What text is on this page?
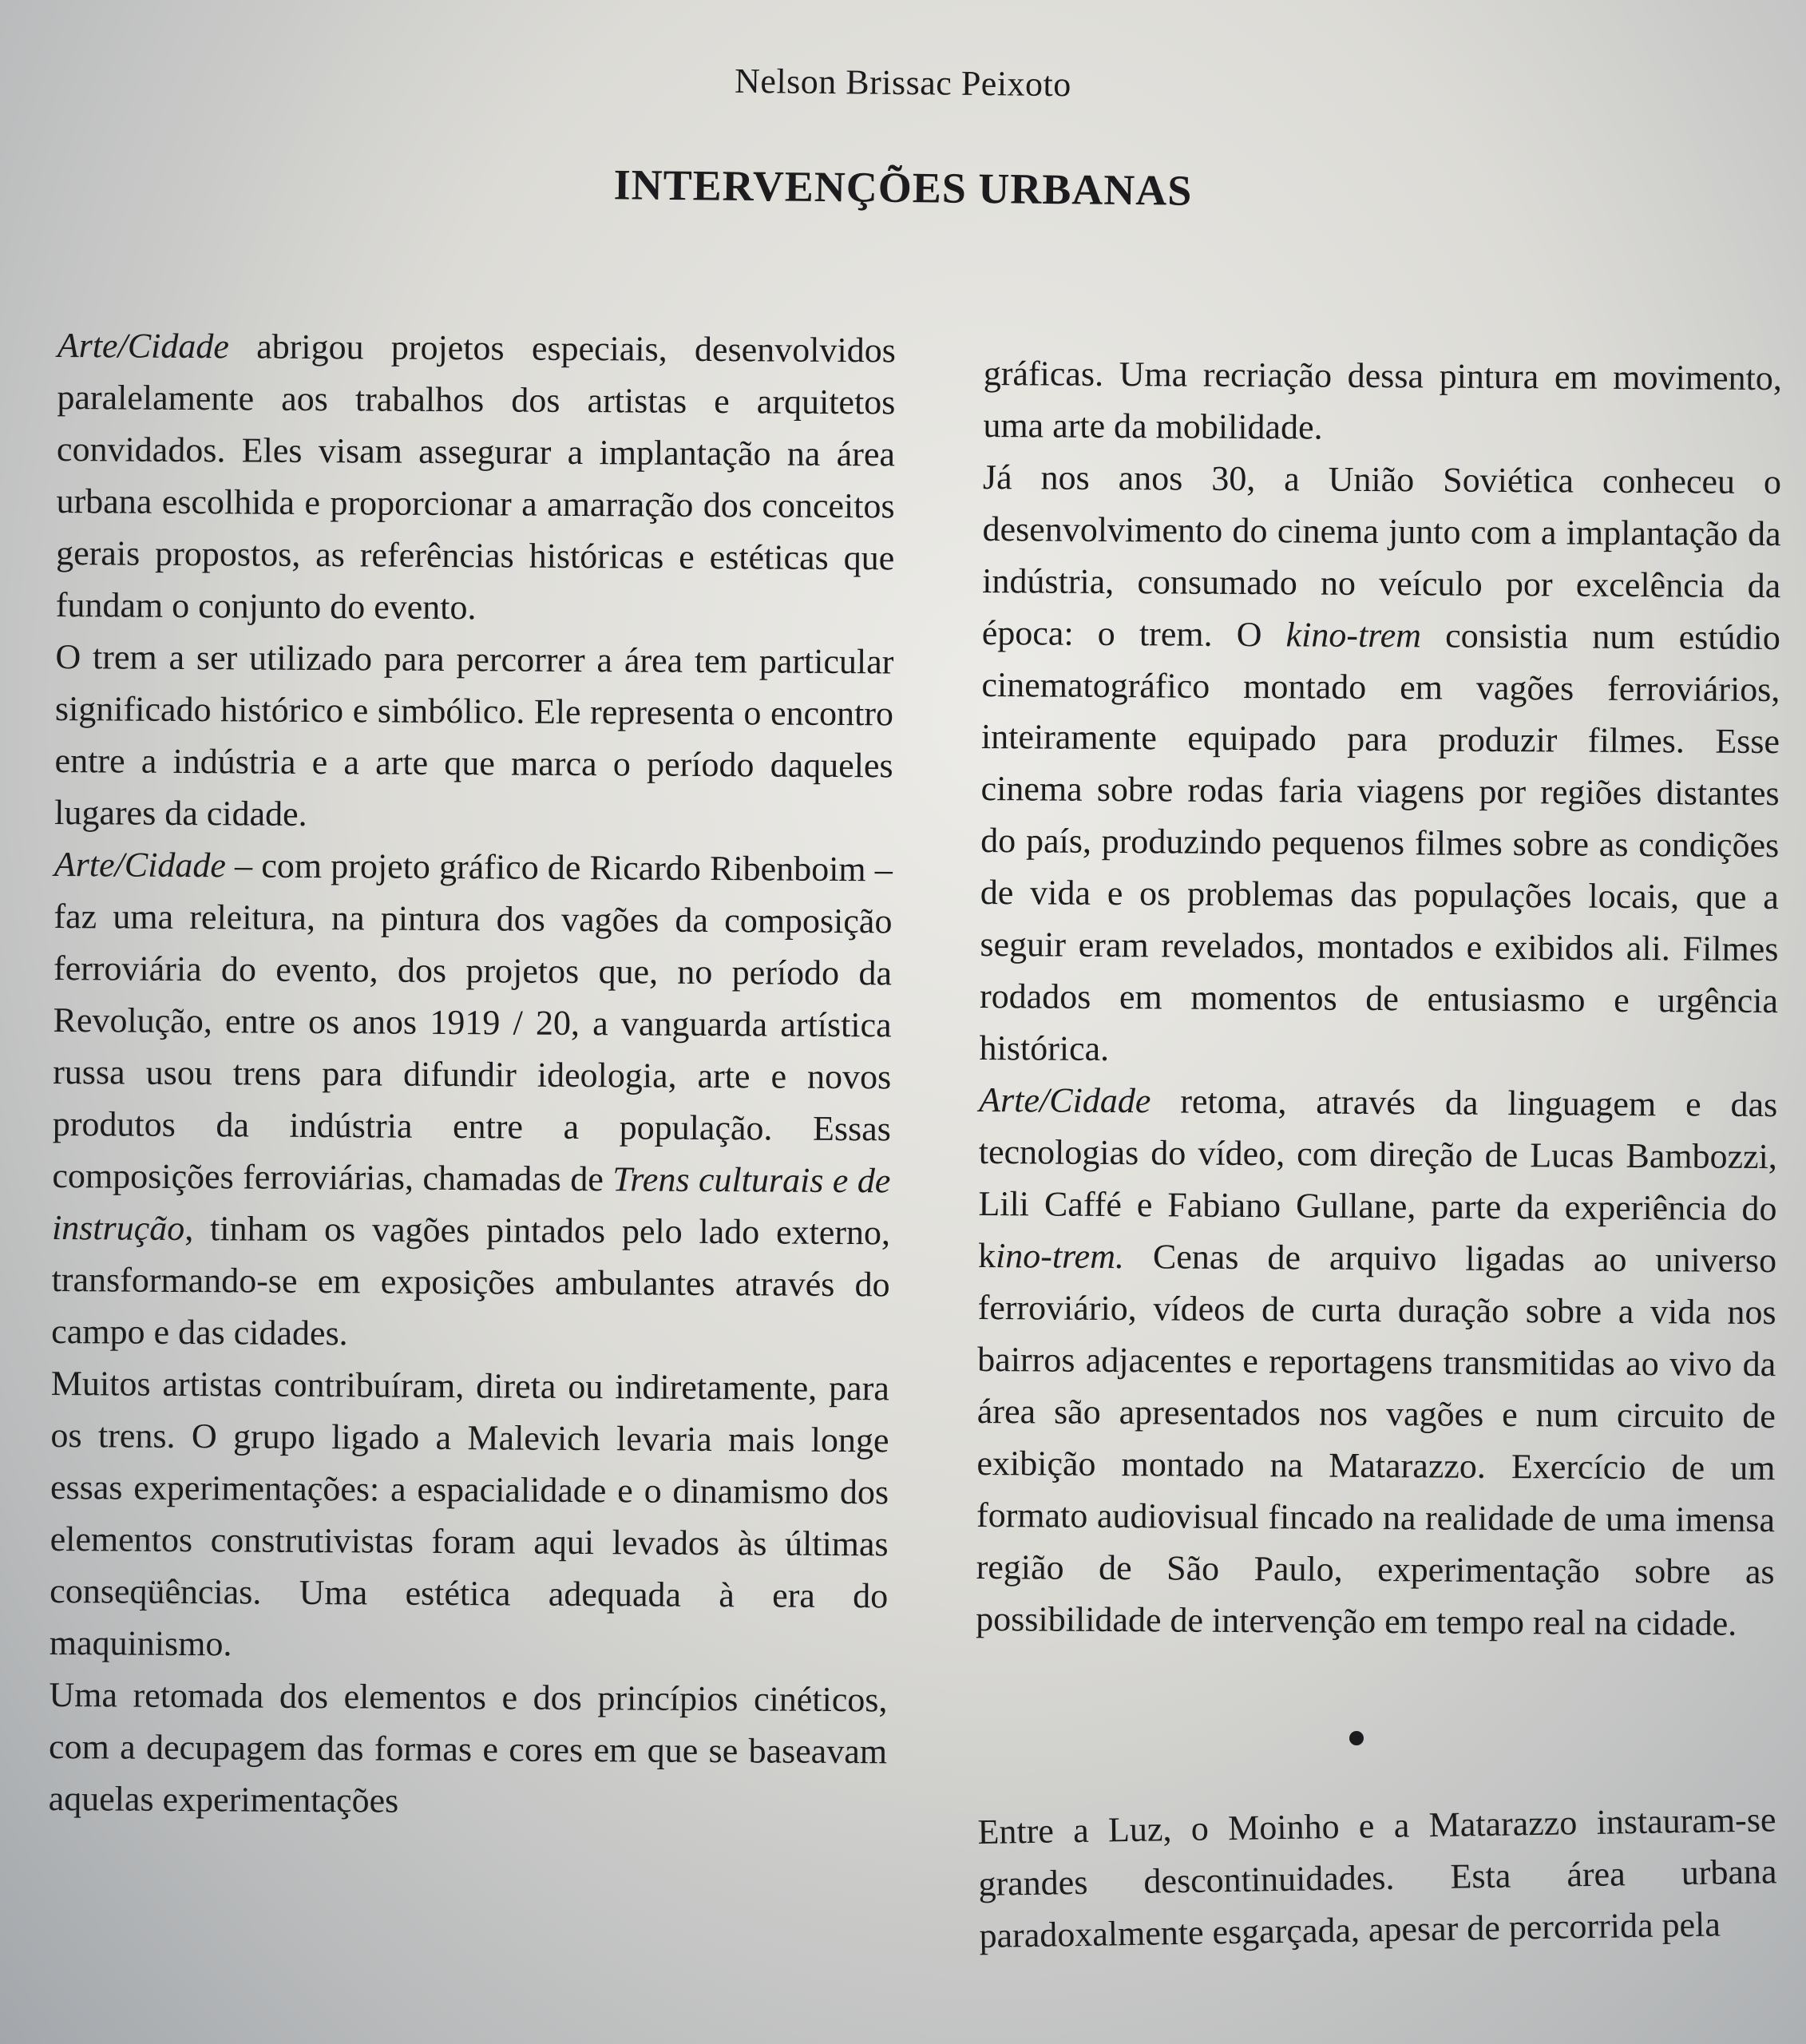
Nelson Brissac Peixoto
INTERVENÇÕES URBANAS

Arte/Cidade abrigou projetos especiais, desenvolvidos paralelamente aos trabalhos dos artistas e arquitetos convidados. Eles visam assegurar a implantação na área urbana escolhida e proporcionar a amarração dos conceitos gerais propostos, as referências históricas e estéticas que fundam o conjunto do evento.

O trem a ser utilizado para percorrer a área tem particular significado histórico e simbólico. Ele representa o encontro entre a indústria e a arte que marca o período daqueles lugares da cidade.

Arte/Cidade – com projeto gráfico de Ricardo Ribenboim – faz uma releitura, na pintura dos vagões da composição ferroviária do evento, dos projetos que, no período da Revolução, entre os anos 1919 / 20, a vanguarda artística russa usou trens para difundir ideologia, arte e novos produtos da indústria entre a população. Essas composições ferroviárias, chamadas de Trens culturais e de instrução, tinham os vagões pintados pelo lado externo, transformando-se em exposições ambulantes através do campo e das cidades.

Muitos artistas contribuíram, direta ou indiretamente, para os trens. O grupo ligado a Malevich levaria mais longe essas experimentações: a espacialidade e o dinamismo dos elementos construtivistas foram aqui levados às últimas conseqüências. Uma estética adequada à era do maquinismo.

Uma retomada dos elementos e dos princípios cinéticos, com a decupagem das formas e cores em que se baseavam aquelas experimentações

gráficas. Uma recriação dessa pintura em movimento, uma arte da mobilidade.

Já nos anos 30, a União Soviética conheceu o desenvolvimento do cinema junto com a implantação da indústria, consumado no veículo por excelência da época: o trem. O kino-trem consistia num estúdio cinematográfico montado em vagões ferroviários, inteiramente equipado para produzir filmes. Esse cinema sobre rodas faria viagens por regiões distantes do país, produzindo pequenos filmes sobre as condições de vida e os problemas das populações locais, que a seguir eram revelados, montados e exibidos ali. Filmes rodados em momentos de entusiasmo e urgência histórica.

Arte/Cidade retoma, através da linguagem e das tecnologias do vídeo, com direção de Lucas Bambozzi, Lili Caffé e Fabiano Gullane, parte da experiência do kino-trem. Cenas de arquivo ligadas ao universo ferroviário, vídeos de curta duração sobre a vida nos bairros adjacentes e reportagens transmitidas ao vivo da área são apresentados nos vagões e num circuito de exibição montado na Matarazzo. Exercício de um formato audiovisual fincado na realidade de uma imensa região de São Paulo, experimentação sobre as possibilidade de intervenção em tempo real na cidade.

Entre a Luz, o Moinho e a Matarazzo instauram-se grandes descontinuidades. Esta área urbana paradoxalmente esgarçada, apesar de percorrida pela
